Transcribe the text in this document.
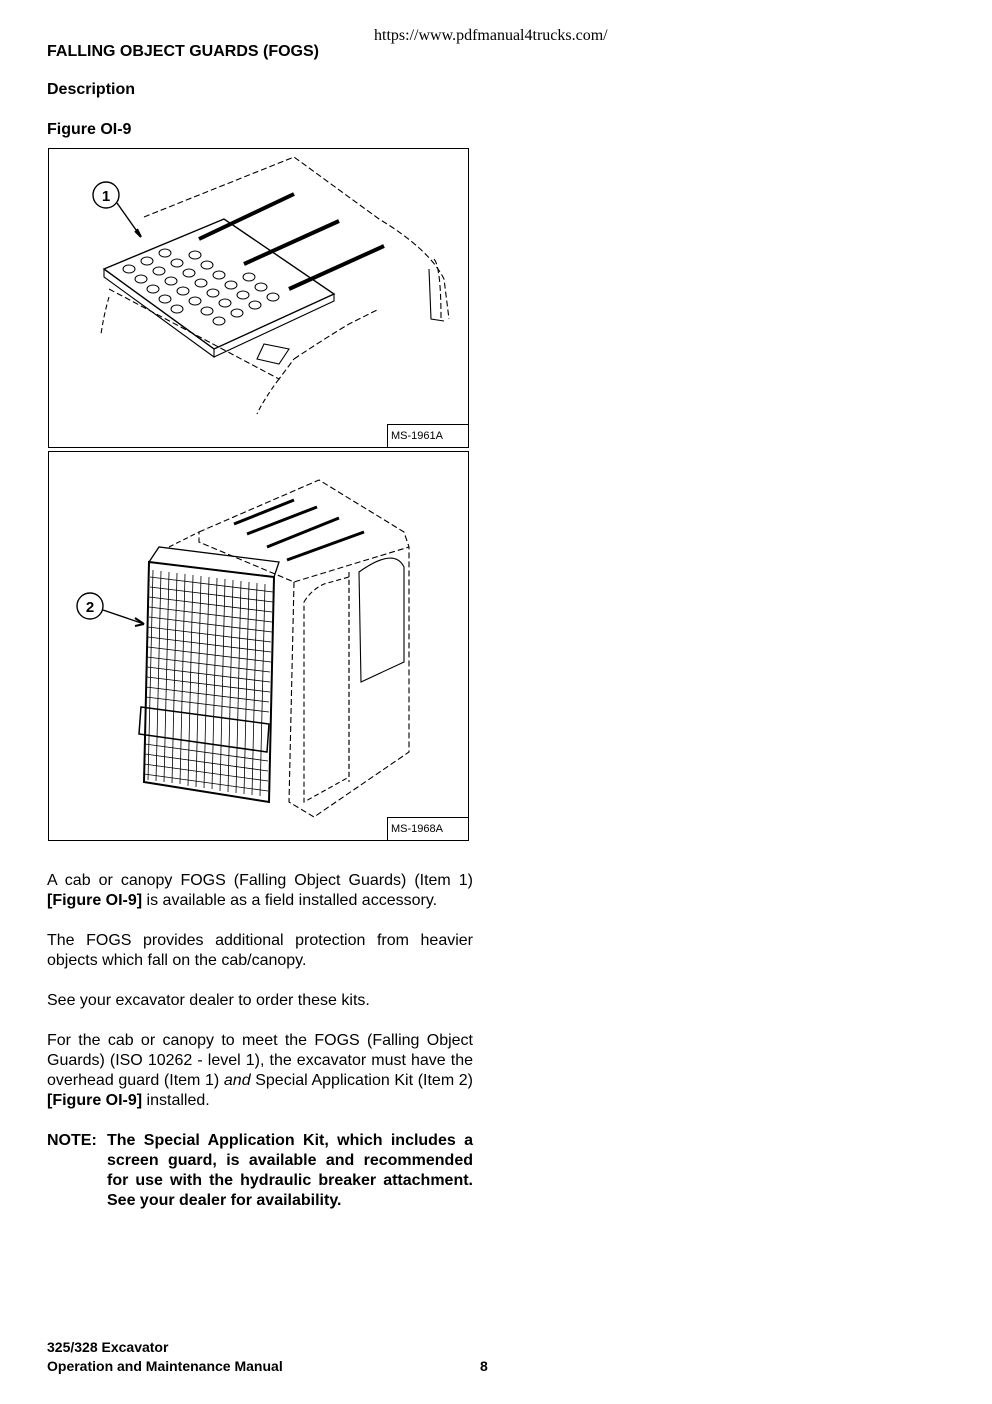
https://www.pdfmanual4trucks.com/
FALLING OBJECT GUARDS (FOGS)
Description
Figure OI-9
1
MS-1961A
2
MS-1968A
A cab or canopy FOGS (Falling Object Guards) (Item 1) [Figure OI-9] is available as a field installed accessory.
The FOGS provides additional protection from heavier objects which fall on the cab/canopy.
See your excavator dealer to order these kits.
For the cab or canopy to meet the FOGS (Falling Object Guards) (ISO 10262 - level 1), the excavator must have the overhead guard (Item 1) and Special Application Kit (Item 2) [Figure OI-9] installed.
NOTE: The Special Application Kit, which includes a screen guard, is available and recommended for use with the hydraulic breaker attachment. See your dealer for availability.
325/328 Excavator
Operation and Maintenance Manual	8
